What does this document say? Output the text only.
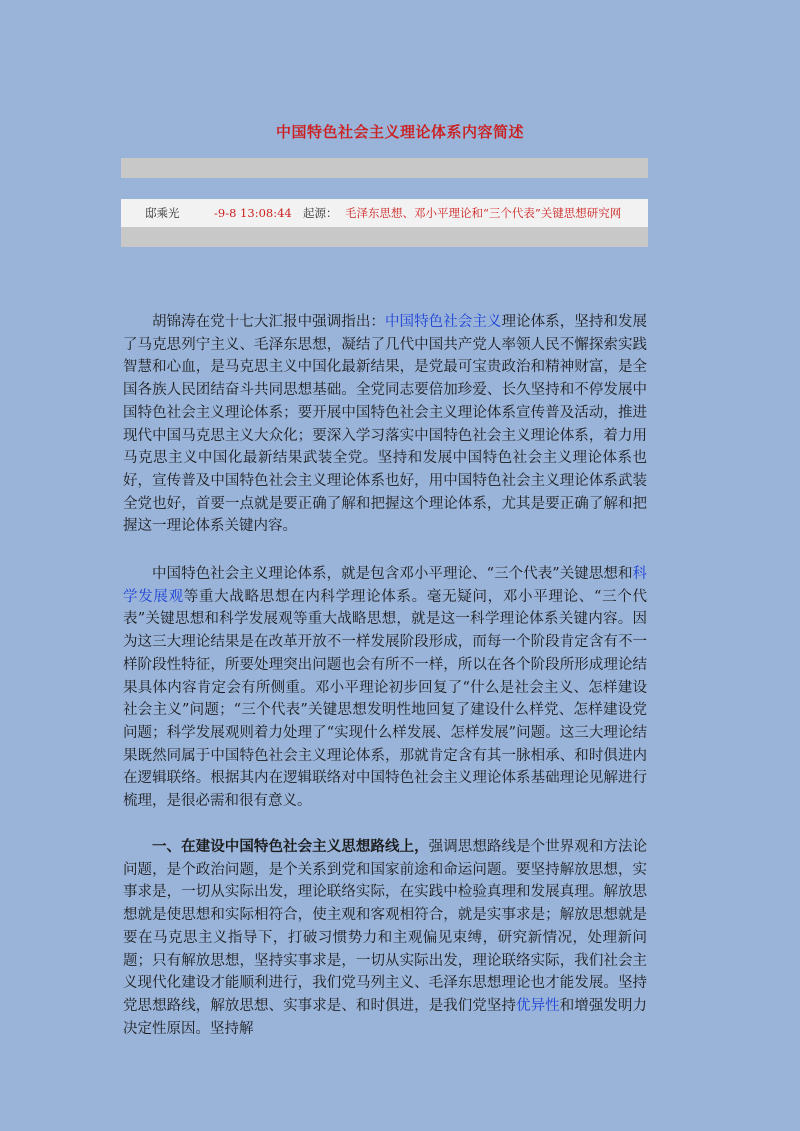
中国特色社会主义理论体系内容简述
邸乘光	-9-8 13:08:44 起源： 毛泽东思想、邓小平理论和“三个代表”关键思想研究网

胡锦涛在党十七大汇报中强调指出：中国特色社会主义理论体系，坚持和发展了马克思列宁主义、毛泽东思想，凝结了几代中国共产党人率领人民不懈探索实践智慧和心血，是马克思主义中国化最新结果，是党最可宝贵政治和精神财富，是全国各族人民团结奋斗共同思想基础。全党同志要倍加珍爱、长久坚持和不停发展中国特色社会主义理论体系；要开展中国特色社会主义理论体系宣传普及活动，推进现代中国马克思主义大众化；要深入学习落实中国特色社会主义理论体系，着力用马克思主义中国化最新结果武装全党。坚持和发展中国特色社会主义理论体系也好，宣传普及中国特色社会主义理论体系也好，用中国特色社会主义理论体系武装全党也好，首要一点就是要正确了解和把握这个理论体系，尤其是要正确了解和把握这一理论体系关键内容。

中国特色社会主义理论体系，就是包含邓小平理论、“三个代表”关键思想和科学发展观等重大战略思想在内科学理论体系。毫无疑问，邓小平理论、“三个代表”关键思想和科学发展观等重大战略思想，就是这一科学理论体系关键内容。因为这三大理论结果是在改革开放不一样发展阶段形成，而每一个阶段肯定含有不一样阶段性特征，所要处理突出问题也会有所不一样，所以在各个阶段所形成理论结果具体内容肯定会有所侧重。邓小平理论初步回复了“什么是社会主义、怎样建设社会主义”问题；“三个代表”关键思想发明性地回复了建设什么样党、怎样建设党问题；科学发展观则着力处理了“实现什么样发展、怎样发展”问题。这三大理论结果既然同属于中国特色社会主义理论体系，那就肯定含有其一脉相承、和时俱进内在逻辑联络。根据其内在逻辑联络对中国特色社会主义理论体系基础理论见解进行梳理，是很必需和很有意义。

一、在建设中国特色社会主义思想路线上，强调思想路线是个世界观和方法论问题，是个政治问题，是个关系到党和国家前途和命运问题。要坚持解放思想，实事求是，一切从实际出发，理论联络实际，在实践中检验真理和发展真理。解放思想就是使思想和实际相符合，使主观和客观相符合，就是实事求是；解放思想就是要在马克思主义指导下，打破习惯势力和主观偏见束缚，研究新情况，处理新问题；只有解放思想，坚持实事求是，一切从实际出发，理论联络实际，我们社会主义现代化建设才能顺利进行，我们党马列主义、毛泽东思想理论也才能发展。坚持党思想路线，解放思想、实事求是、和时俱进，是我们党坚持优异性和增强发明力决定性原因。坚持解
